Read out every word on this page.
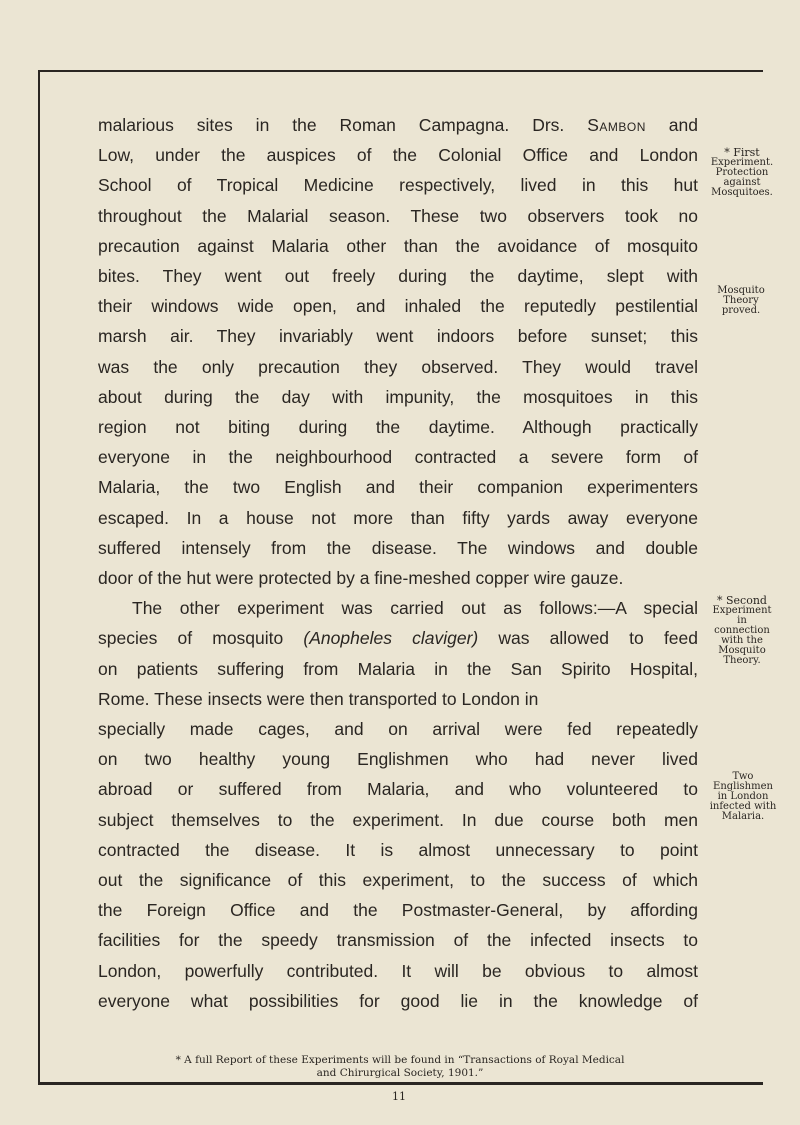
malarious sites in the Roman Campagna. Drs. Sambon and
Low, under the auspices of the Colonial Office and London
School of Tropical Medicine respectively, lived in this hut
throughout the Malarial season. These two observers took no
precaution against Malaria other than the avoidance of mosquito
bites. They went out freely during the daytime, slept with
their windows wide open, and inhaled the reputedly pestilential
marsh air. They invariably went indoors before sunset; this
was the only precaution they observed. They would travel
about during the day with impunity, the mosquitoes in this
region not biting during the daytime. Although practically
everyone in the neighbourhood contracted a severe form of
Malaria, the two English and their companion experimenters
escaped. In a house not more than fifty yards away everyone
suffered intensely from the disease. The windows and double
door of the hut were protected by a fine-meshed copper wire gauze.
The other experiment was carried out as follows:—A special
species of mosquito (Anopheles claviger) was allowed to feed
on patients suffering from Malaria in the San Spirito Hospital,
Rome. These insects were then transported to London in
specially made cages, and on arrival were fed repeatedly
on two healthy young Englishmen who had never lived
abroad or suffered from Malaria, and who volunteered to
subject themselves to the experiment. In due course both men
contracted the disease. It is almost unnecessary to point
out the significance of this experiment, to the success of which
the Foreign Office and the Postmaster-General, by affording
facilities for the speedy transmission of the infected insects to
London, powerfully contributed. It will be obvious to almost
everyone what possibilities for good lie in the knowledge of
* First
Experiment.
Protection
against
Mosquitoes.
Mosquito
Theory
proved.
* Second
Experiment
in
connection
with the
Mosquito
Theory.
Two
Englishmen
in London
infected with
Malaria.
* A full Report of these Experiments will be found in “Transactions of Royal Medical
and Chirurgical Society, 1901.”
11
